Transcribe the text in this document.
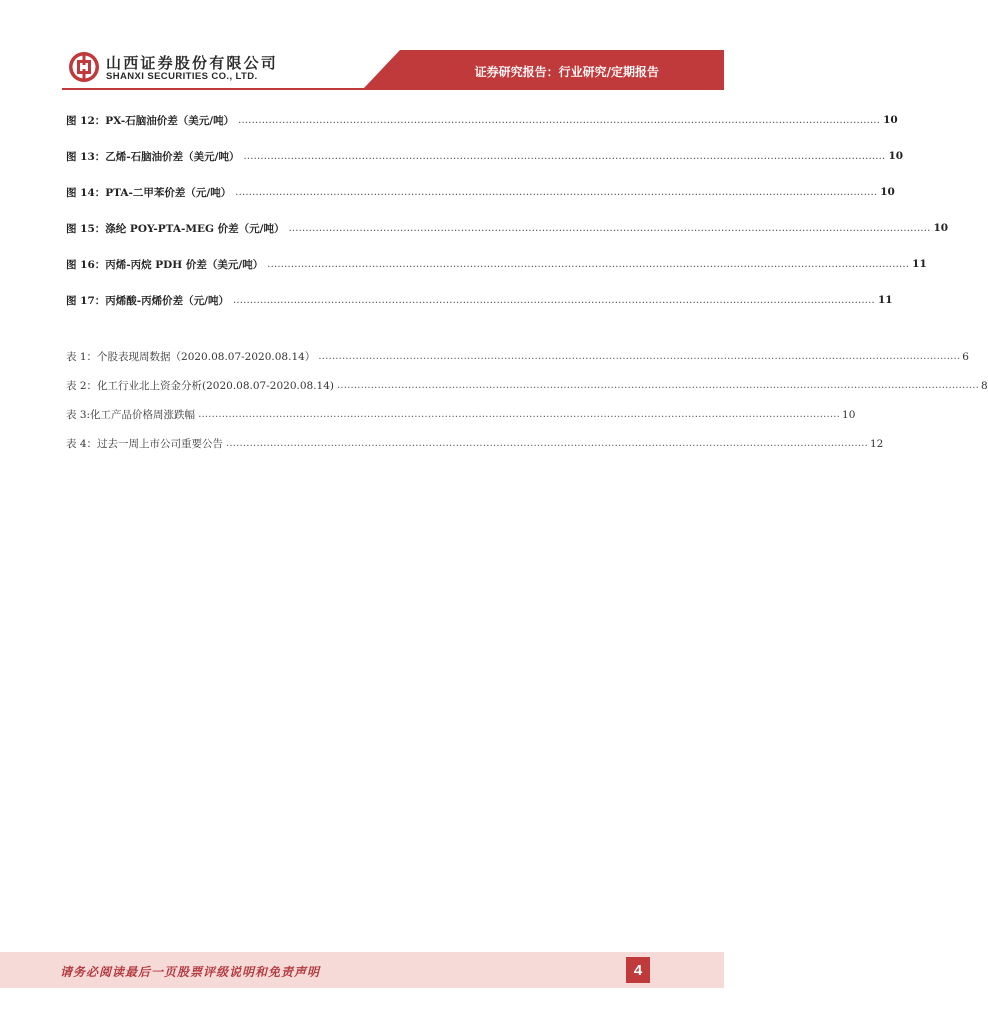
山西证券股份有限公司
SHANXI SECURITIES CO., LTD.	证券研究报告：行业研究/定期报告
图 12：PX-石脑油价差（美元/吨） .............................................................................................................................................................................................. 10
图 13：乙烯-石脑油价差（美元/吨） .............................................................................................................................................................................................. 10
图 14：PTA-二甲苯价差（元/吨） .............................................................................................................................................................................................. 10
图 15：涤纶 POY-PTA-MEG 价差（元/吨） .............................................................................................................................................................................................. 10
图 16：丙烯-丙烷 PDH 价差（美元/吨） .............................................................................................................................................................................................. 11
图 17：丙烯酸-丙烯价差（元/吨） .............................................................................................................................................................................................. 11
表 1：个股表现周数据（2020.08.07-2020.08.14） .............................................................................................................................................................................................. 6
表 2：化工行业北上资金分析(2020.08.07-2020.08.14) .............................................................................................................................................................................................. 8
表 3:化工产品价格周涨跌幅 .............................................................................................................................................................................................. 10
表 4：过去一周上市公司重要公告 .............................................................................................................................................................................................. 12
请务必阅读最后一页股票评级说明和免责声明	4
